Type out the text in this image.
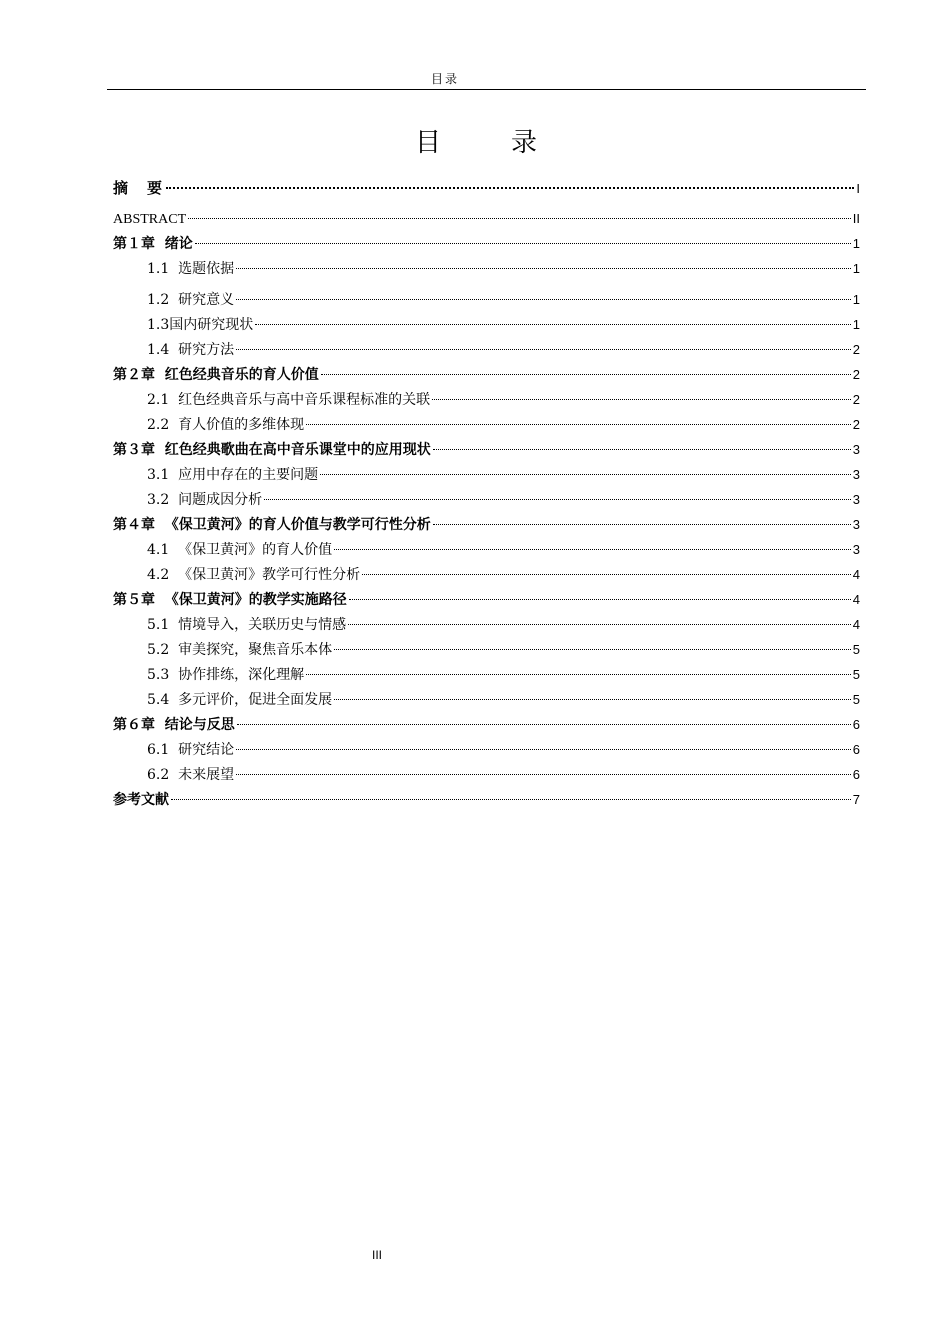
目录
目　录
摘　要	I
ABSTRACT	II
第１章  绪论	1
1.1  选题依据	1
1.2  研究意义	1
1.3国内研究现状	1
1.4  研究方法	2
第２章  红色经典音乐的育人价值	2
2.1  红色经典音乐与高中音乐课程标准的关联	2
2.2  育人价值的多维体现	2
第３章  红色经典歌曲在高中音乐课堂中的应用现状	3
3.1  应用中存在的主要问题	3
3.2  问题成因分析	3
第４章  《保卫黄河》的育人价值与教学可行性分析	3
4.1  《保卫黄河》的育人价值	3
4.2  《保卫黄河》教学可行性分析	4
第５章  《保卫黄河》的教学实施路径	4
5.1  情境导入，关联历史与情感	4
5.2  审美探究，聚焦音乐本体	5
5.3  协作排练，深化理解	5
5.4  多元评价，促进全面发展	5
第６章  结论与反思	6
6.1  研究结论	6
6.2  未来展望	6
参考文献	7
III
